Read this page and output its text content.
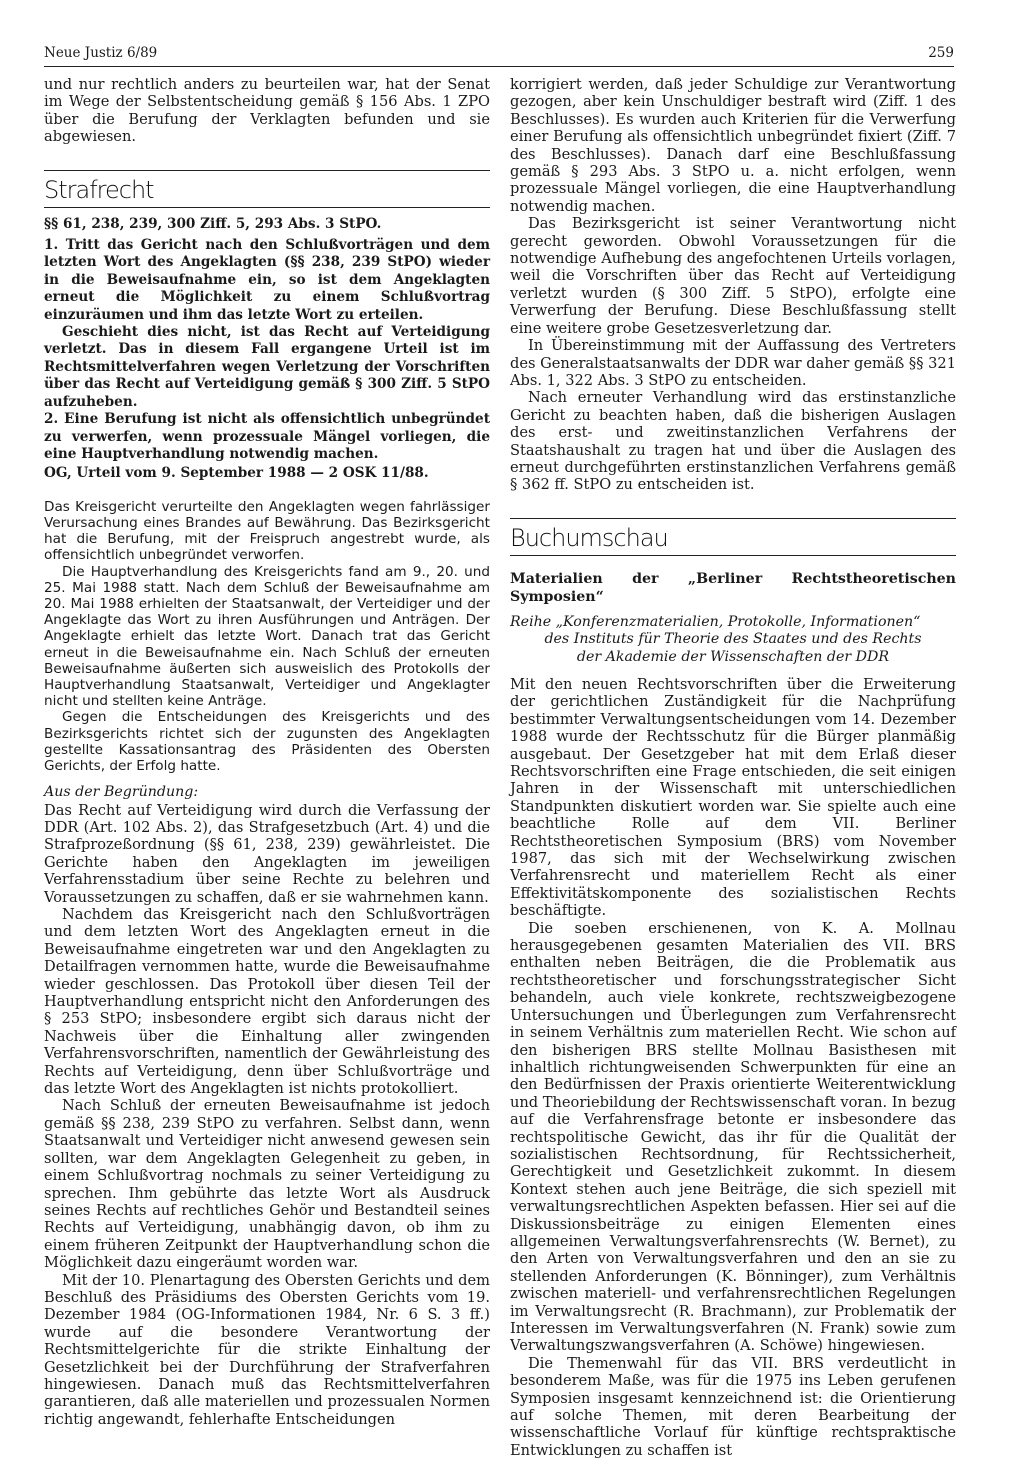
Neue Justiz 6/89	259

und nur rechtlich anders zu beurteilen war, hat der Senat im Wege der Selbstentscheidung gemäß § 156 Abs. 1 ZPO über die Berufung der Verklagten befunden und sie abgewiesen.

Strafrecht

§§ 61, 238, 239, 300 Ziff. 5, 293 Abs. 3 StPO.

1. Tritt das Gericht nach den Schlußvorträgen und dem letzten Wort des Angeklagten (§§ 238, 239 StPO) wieder in die Beweisaufnahme ein, so ist dem Angeklagten erneut die Möglichkeit zu einem Schlußvortrag einzuräumen und ihm das letzte Wort zu erteilen.

Geschieht dies nicht, ist das Recht auf Verteidigung verletzt. Das in diesem Fall ergangene Urteil ist im Rechtsmittelverfahren wegen Verletzung der Vorschriften über das Recht auf Verteidigung gemäß § 300 Ziff. 5 StPO aufzuheben.

2. Eine Berufung ist nicht als offensichtlich unbegründet zu verwerfen, wenn prozessuale Mängel vorliegen, die eine Hauptverhandlung notwendig machen.

OG, Urteil vom 9. September 1988 — 2 OSK 11/88.

Das Kreisgericht verurteilte den Angeklagten wegen fahrlässiger Verursachung eines Brandes auf Bewährung. Das Bezirksgericht hat die Berufung, mit der Freispruch angestrebt wurde, als offensichtlich unbegründet verworfen.

Die Hauptverhandlung des Kreisgerichts fand am 9., 20. und 25. Mai 1988 statt. Nach dem Schluß der Beweisaufnahme am 20. Mai 1988 erhielten der Staatsanwalt, der Verteidiger und der Angeklagte das Wort zu ihren Ausführungen und Anträgen. Der Angeklagte erhielt das letzte Wort. Danach trat das Gericht erneut in die Beweisaufnahme ein. Nach Schluß der erneuten Beweisaufnahme äußerten sich ausweislich des Protokolls der Hauptverhandlung Staatsanwalt, Verteidiger und Angeklagter nicht und stellten keine Anträge.

Gegen die Entscheidungen des Kreisgerichts und des Bezirksgerichts richtet sich der zugunsten des Angeklagten gestellte Kassationsantrag des Präsidenten des Obersten Gerichts, der Erfolg hatte.

Aus der Begründung:

Das Recht auf Verteidigung wird durch die Verfassung der DDR (Art. 102 Abs. 2), das Strafgesetzbuch (Art. 4) und die Strafprozeßordnung (§§ 61, 238, 239) gewährleistet. Die Gerichte haben den Angeklagten im jeweiligen Verfahrensstadium über seine Rechte zu belehren und Voraussetzungen zu schaffen, daß er sie wahrnehmen kann.

Nachdem das Kreisgericht nach den Schlußvorträgen und dem letzten Wort des Angeklagten erneut in die Beweisaufnahme eingetreten war und den Angeklagten zu Detailfragen vernommen hatte, wurde die Beweisaufnahme wieder geschlossen. Das Protokoll über diesen Teil der Hauptverhandlung entspricht nicht den Anforderungen des § 253 StPO; insbesondere ergibt sich daraus nicht der Nachweis über die Einhaltung aller zwingenden Verfahrensvorschriften, namentlich der Gewährleistung des Rechts auf Verteidigung, denn über Schlußvorträge und das letzte Wort des Angeklagten ist nichts protokolliert.

Nach Schluß der erneuten Beweisaufnahme ist jedoch gemäß §§ 238, 239 StPO zu verfahren. Selbst dann, wenn Staatsanwalt und Verteidiger nicht anwesend gewesen sein sollten, war dem Angeklagten Gelegenheit zu geben, in einem Schlußvortrag nochmals zu seiner Verteidigung zu sprechen. Ihm gebührte das letzte Wort als Ausdruck seines Rechts auf rechtliches Gehör und Bestandteil seines Rechts auf Verteidigung, unabhängig davon, ob ihm zu einem früheren Zeitpunkt der Hauptverhandlung schon die Möglichkeit dazu eingeräumt worden war.

Mit der 10. Plenartagung des Obersten Gerichts und dem Beschluß des Präsidiums des Obersten Gerichts vom 19. Dezember 1984 (OG-Informationen 1984, Nr. 6 S. 3 ff.) wurde auf die besondere Verantwortung der Rechtsmittelgerichte für die strikte Einhaltung der Gesetzlichkeit bei der Durchführung der Strafverfahren hingewiesen. Danach muß das Rechtsmittelverfahren garantieren, daß alle materiellen und prozessualen Normen richtig angewandt, fehlerhafte Entscheidungen

korrigiert werden, daß jeder Schuldige zur Verantwortung gezogen, aber kein Unschuldiger bestraft wird (Ziff. 1 des Beschlusses). Es wurden auch Kriterien für die Verwerfung einer Berufung als offensichtlich unbegründet fixiert (Ziff. 7 des Beschlusses). Danach darf eine Beschlußfassung gemäß § 293 Abs. 3 StPO u. a. nicht erfolgen, wenn prozessuale Mängel vorliegen, die eine Hauptverhandlung notwendig machen.

Das Bezirksgericht ist seiner Verantwortung nicht gerecht geworden. Obwohl Voraussetzungen für die notwendige Aufhebung des angefochtenen Urteils vorlagen, weil die Vorschriften über das Recht auf Verteidigung verletzt wurden (§ 300 Ziff. 5 StPO), erfolgte eine Verwerfung der Berufung. Diese Beschlußfassung stellt eine weitere grobe Gesetzesverletzung dar.

In Übereinstimmung mit der Auffassung des Vertreters des Generalstaatsanwalts der DDR war daher gemäß §§ 321 Abs. 1, 322 Abs. 3 StPO zu entscheiden.

Nach erneuter Verhandlung wird das erstinstanzliche Gericht zu beachten haben, daß die bisherigen Auslagen des erst- und zweitinstanzlichen Verfahrens der Staatshaushalt zu tragen hat und über die Auslagen des erneut durchgeführten erstinstanzlichen Verfahrens gemäß § 362 ff. StPO zu entscheiden ist.

Buchumschau

Materialien der „Berliner Rechtstheoretischen Symposien“

Reihe „Konferenzmaterialien, Protokolle, Informationen“

des Instituts für Theorie des Staates und des Rechts

der Akademie der Wissenschaften der DDR

Mit den neuen Rechtsvorschriften über die Erweiterung der gerichtlichen Zuständigkeit für die Nachprüfung bestimmter Verwaltungsentscheidungen vom 14. Dezember 1988 wurde der Rechtsschutz für die Bürger planmäßig ausgebaut. Der Gesetzgeber hat mit dem Erlaß dieser Rechtsvorschriften eine Frage entschieden, die seit einigen Jahren in der Wissenschaft mit unterschiedlichen Standpunkten diskutiert worden war. Sie spielte auch eine beachtliche Rolle auf dem VII. Berliner Rechtstheoretischen Symposium (BRS) vom November 1987, das sich mit der Wechselwirkung zwischen Verfahrensrecht und materiellem Recht als einer Effektivitätskomponente des sozialistischen Rechts beschäftigte.

Die soeben erschienenen, von K. A. Mollnau herausgegebenen gesamten Materialien des VII. BRS enthalten neben Beiträgen, die die Problematik aus rechtstheoretischer und forschungsstrategischer Sicht behandeln, auch viele konkrete, rechtszweigbezogene Untersuchungen und Überlegungen zum Verfahrensrecht in seinem Verhältnis zum materiellen Recht. Wie schon auf den bisherigen BRS stellte Mollnau Basisthesen mit inhaltlich richtungweisenden Schwerpunkten für eine an den Bedürfnissen der Praxis orientierte Weiterentwicklung und Theoriebildung der Rechtswissenschaft voran. In bezug auf die Verfahrensfrage betonte er insbesondere das rechtspolitische Gewicht, das ihr für die Qualität der sozialistischen Rechtsordnung, für Rechtssicherheit, Gerechtigkeit und Gesetzlichkeit zukommt. In diesem Kontext stehen auch jene Beiträge, die sich speziell mit verwaltungsrechtlichen Aspekten befassen. Hier sei auf die Diskussionsbeiträge zu einigen Elementen eines allgemeinen Verwaltungsverfahrensrechts (W. Bernet), zu den Arten von Verwaltungsverfahren und den an sie zu stellenden Anforderungen (K. Bönninger), zum Verhältnis zwischen materiell- und verfahrensrechtlichen Regelungen im Verwaltungsrecht (R. Brachmann), zur Problematik der Interessen im Verwaltungsverfahren (N. Frank) sowie zum Verwaltungszwangsverfahren (A. Schöwe) hingewiesen.

Die Themenwahl für das VII. BRS verdeutlicht in besonderem Maße, was für die 1975 ins Leben gerufenen Symposien insgesamt kennzeichnend ist: die Orientierung auf solche Themen, mit deren Bearbeitung der wissenschaftliche Vorlauf für künftige rechtspraktische Entwicklungen zu schaffen ist
